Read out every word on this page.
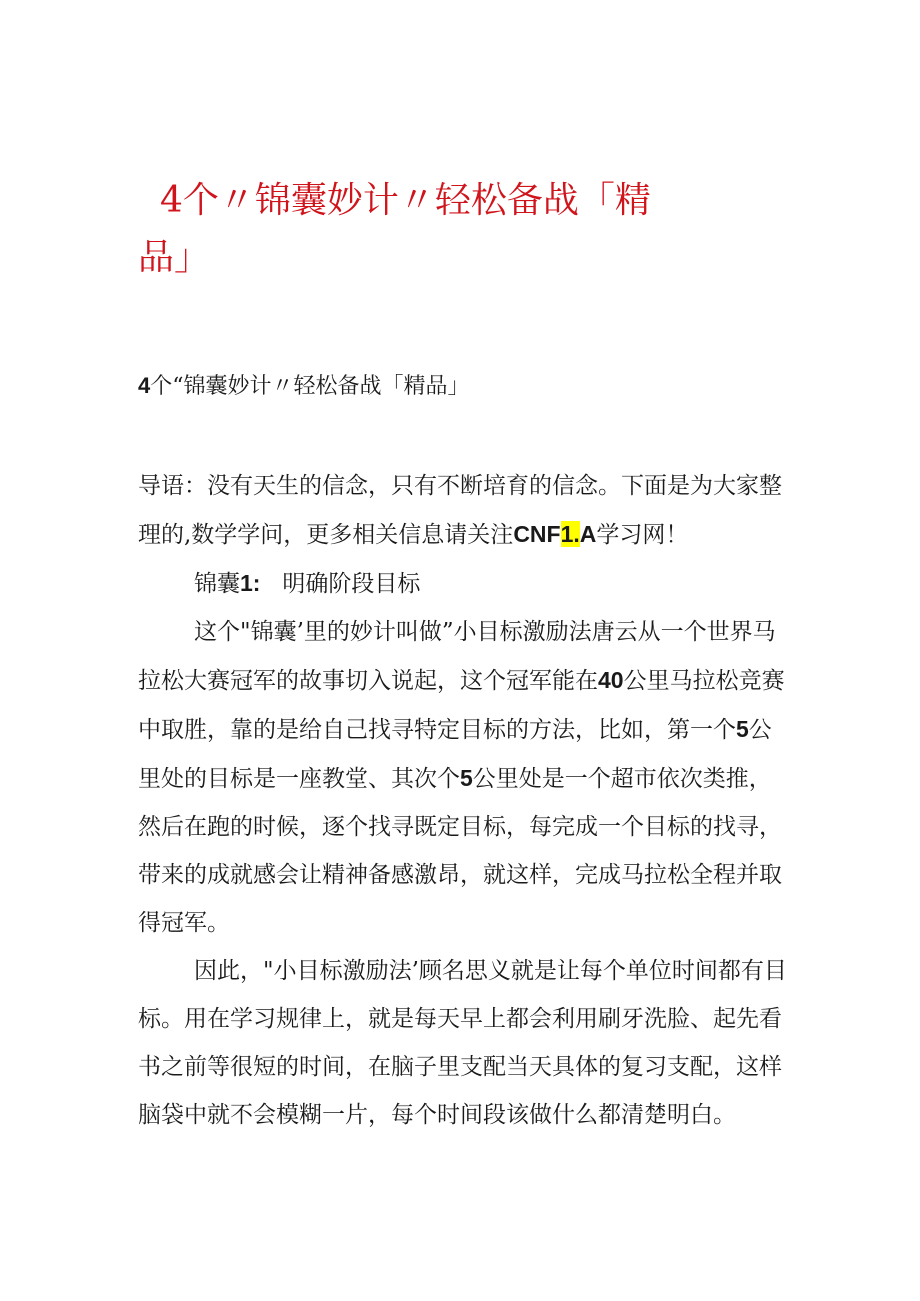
4个〃锦囊妙计〃轻松备战「精
品」
4个“锦囊妙计〃轻松备战「精品」

导语：没有天生的信念，只有不断培育的信念。下面是为大家整理的,数学学问，更多相关信息请关注CNF1.A学习网！

锦囊1: 明确阶段目标

这个"锦囊’里的妙计叫做”小目标激励法唐云从一个世界马拉松大赛冠军的故事切入说起，这个冠军能在40公里马拉松竞赛中取胜，靠的是给自己找寻特定目标的方法，比如，第一个5公里处的目标是一座教堂、其次个5公里处是一个超市依次类推，然后在跑的时候，逐个找寻既定目标，每完成一个目标的找寻，带来的成就感会让精神备感激昂，就这样，完成马拉松全程并取得冠军。

因此，"小目标激励法’顾名思义就是让每个单位时间都有目标。用在学习规律上，就是每天早上都会利用刷牙洗脸、起先看书之前等很短的时间，在脑子里支配当天具体的复习支配，这样脑袋中就不会模糊一片，每个时间段该做什么都清楚明白。
